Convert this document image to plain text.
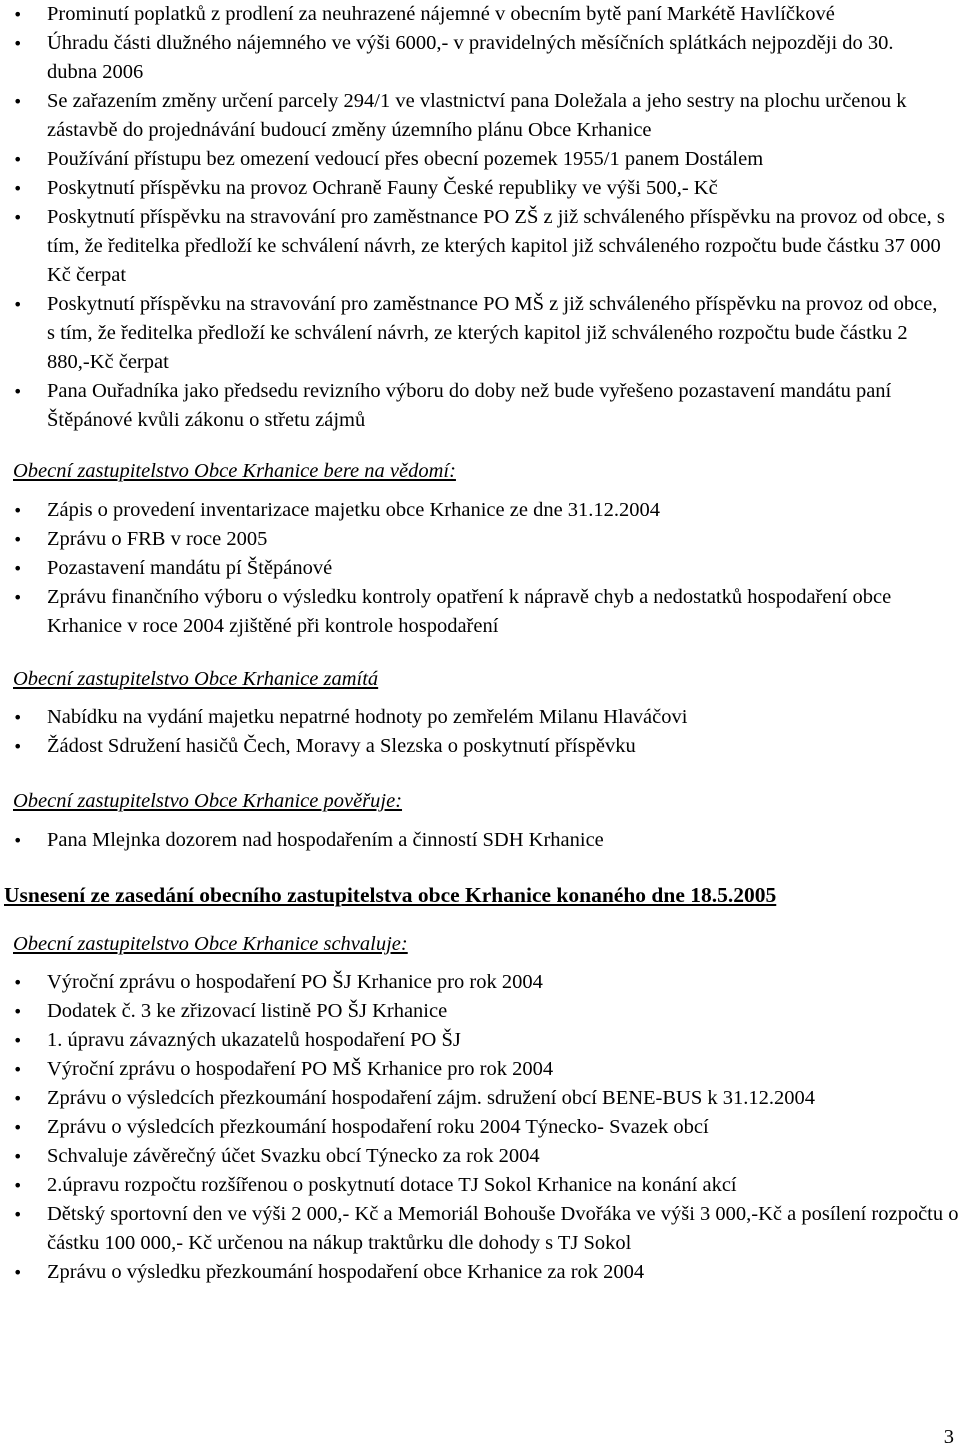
• Prominutí poplatků z prodlení za neuhrazené nájemné v obecním bytě paní Markétě Havlíčkové
• Úhradu části dlužného nájemného ve výši 6000,- v pravidelných měsíčních splátkách nejpozději do 30. dubna 2006
• Se zařazením změny určení parcely 294/1 ve vlastnictví pana Doležala a jeho sestry na plochu určenou k zástavbě do projednávání budoucí změny územního plánu Obce Krhanice
• Používání přístupu bez omezení vedoucí přes obecní pozemek 1955/1 panem Dostálem
• Poskytnutí příspěvku na provoz Ochraně Fauny České republiky ve výši 500,- Kč
• Poskytnutí příspěvku na stravování pro zaměstnance PO ZŠ z již schváleného příspěvku na provoz od obce, s tím, že ředitelka předloží ke schválení návrh, ze kterých kapitol již schváleného rozpočtu bude částku 37 000 Kč čerpat
• Poskytnutí příspěvku na stravování pro zaměstnance PO MŠ z již schváleného příspěvku na provoz od obce, s tím, že ředitelka předloží ke schválení návrh, ze kterých kapitol již schváleného rozpočtu bude částku 2 880,-Kč čerpat
• Pana Ouřadníka jako předsedu revizního výboru do doby než bude vyřešeno pozastavení mandátu paní Štěpánové kvůli zákonu o střetu zájmů

Obecní zastupitelstvo Obce Krhanice bere na vědomí:

• Zápis o provedení inventarizace majetku obce Krhanice ze dne 31.12.2004
• Zprávu o FRB v roce 2005
• Pozastavení mandátu pí Štěpánové
• Zprávu finančního výboru o výsledku kontroly opatření k nápravě chyb a nedostatků hospodaření obce Krhanice v roce 2004 zjištěné při kontrole hospodaření

Obecní zastupitelstvo Obce Krhanice zamítá

• Nabídku na vydání majetku nepatrné hodnoty po zemřelém Milanu Hlaváčovi
• Žádost Sdružení hasičů Čech, Moravy a Slezska o poskytnutí příspěvku

Obecní zastupitelstvo Obce Krhanice pověřuje:

• Pana Mlejnka dozorem nad hospodařením a činností SDH Krhanice

Usnesení ze zasedání obecního zastupitelstva obce Krhanice konaného dne 18.5.2005

Obecní zastupitelstvo Obce Krhanice schvaluje:

• Výroční zprávu o hospodaření PO ŠJ Krhanice pro rok 2004
• Dodatek č. 3 ke zřizovací listině PO ŠJ Krhanice
• 1. úpravu závazných ukazatelů hospodaření PO ŠJ
• Výroční zprávu o hospodaření PO MŠ Krhanice pro rok 2004
• Zprávu o výsledcích přezkoumání hospodaření zájm. sdružení obcí BENE-BUS k 31.12.2004
• Zprávu o výsledcích přezkoumání hospodaření roku 2004 Týnecko- Svazek obcí
• Schvaluje závěrečný účet Svazku obcí Týnecko za rok 2004
• 2.úpravu rozpočtu rozšířenou o poskytnutí dotace TJ Sokol Krhanice na konání akcí
• Dětský sportovní den ve výši 2 000,- Kč a Memoriál Bohouše Dvořáka ve výši 3 000,-Kč a posílení rozpočtu o částku 100 000,- Kč určenou na nákup traktůrku dle dohody s TJ Sokol
• Zprávu o výsledku přezkoumání hospodaření obce Krhanice za rok 2004
3
